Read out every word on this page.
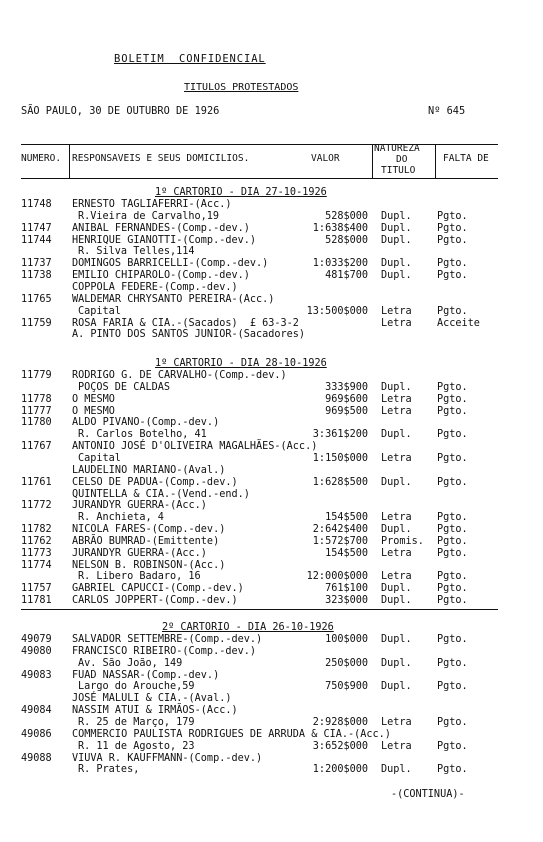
BOLETIM  CONFIDENCIAL
TITULOS PROTESTADOS
SÃO PAULO, 30 DE OUTUBRO DE 1926	Nº 645
NUMERO. RESPONSAVEIS E SEUS DOMICILIOS.	VALOR
NATUREZA
DO
TITULO
FALTA DE
1º CARTORIO - DIA 27-10-1926
11748 ERNESTO TAGLIAFERRI-(Acc.)
R.Vieira de Carvalho,19	528$000 Dupl. Pgto.
11747 ANIBAL FERNANDES-(Comp.-dev.)	1:638$400 Dupl. Pgto.
11744 HENRIQUE GIANOTTI-(Comp.-dev.)	528$000 Dupl. Pgto.
R. Silva Telles,114
11737 DOMINGOS BARRICELLI-(Comp.-dev.)	1:033$200 Dupl. Pgto.
11738 EMILIO CHIPAROLO-(Comp.-dev.)	481$700 Dupl. Pgto.
COPPOLA FEDERE-(Comp.-dev.)
11765 WALDEMAR CHRYSANTO PEREIRA-(Acc.)
Capital	13:500$000 Letra Pgto.
11759 ROSA FARIA & CIA.-(Sacados)  £ 63-3-2	Letra Acceite
A. PINTO DOS SANTOS JUNIOR-(Sacadores)
1º CARTORIO - DIA 28-10-1926
11779 RODRIGO G. DE CARVALHO-(Comp.-dev.)
POÇOS DE CALDAS	333$900 Dupl. Pgto.
11778 O MESMO	969$600 Letra Pgto.
11777 O MESMO	969$500 Letra Pgto.
11780 ALDO PIVANO-(Comp.-dev.)
R. Carlos Botelho, 41	3:361$200 Dupl. Pgto.
11767 ANTONIO JOSÉ D'OLIVEIRA MAGALHÃES-(Acc.)
Capital	1:150$000 Letra Pgto.
LAUDELINO MARIANO-(Aval.)
11761 CELSO DE PADUA-(Comp.-dev.)	1:628$500 Dupl. Pgto.
QUINTELLA & CIA.-(Vend.-end.)
11772 JURANDYR GUERRA-(Acc.)
R. Anchieta, 4	154$500 Letra Pgto.
11782 NICOLA FARES-(Comp.-dev.)	2:642$400 Dupl. Pgto.
11762 ABRÃO BUMRAD-(Emittente)	1:572$700 Promis. Pgto.
11773 JURANDYR GUERRA-(Acc.)	154$500 Letra Pgto.
11774 NELSON B. ROBINSON-(Acc.)
R. Libero Badaro, 16	12:000$000 Letra Pgto.
11757 GABRIEL CAPUCCI-(Comp.-dev.)	761$100 Dupl. Pgto.
11781 CARLOS JOPPERT-(Comp.-dev.)	323$000 Dupl. Pgto.
2º CARTORIO - DIA 26-10-1926
49079 SALVADOR SETTEMBRE-(Comp.-dev.)	100$000 Dupl. Pgto.
49080 FRANCISCO RIBEIRO-(Comp.-dev.)
Av. São João, 149	250$000 Dupl. Pgto.
49083 FUAD NASSAR-(Comp.-dev.)
Largo do Arouche,59	750$900 Dupl. Pgto.
JOSÉ MALULI & CIA.-(Aval.)
49084 NASSIM ATUI & IRMÃOS-(Acc.)
R. 25 de Março, 179	2:928$000 Letra Pgto.
49086 COMMERCIO PAULISTA RODRIGUES DE ARRUDA & CIA.-(Acc.)
R. 11 de Agosto, 23	3:652$000 Letra Pgto.
49088 VIUVA R. KAUFFMANN-(Comp.-dev.)
R. Prates,	1:200$000 Dupl. Pgto.
-(CONTINUA)-
